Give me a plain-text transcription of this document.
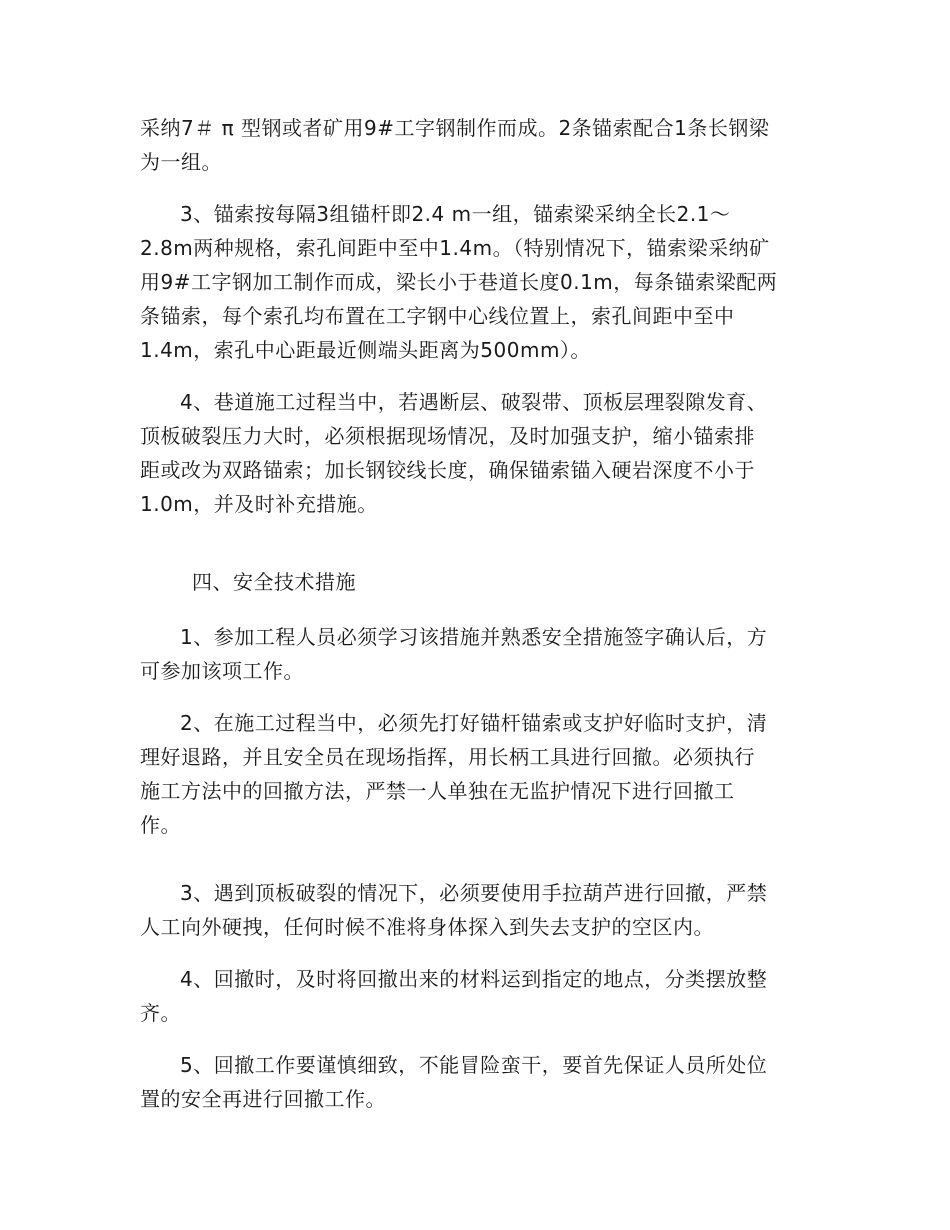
采纳7＃ π 型钢或者矿用9#工字钢制作而成。2条锚索配合1条长钢梁
为一组。
3、锚索按每隔3组锚杆即2.4 m一组，锚索梁采纳全长2.1～
2.8m两种规格，索孔间距中至中1.4m。（特别情况下，锚索梁采纳矿
用9#工字钢加工制作而成，梁长小于巷道长度0.1m，每条锚索梁配两
条锚索，每个索孔均布置在工字钢中心线位置上，索孔间距中至中
1.4m，索孔中心距最近侧端头距离为500mm）。
4、巷道施工过程当中，若遇断层、破裂带、顶板层理裂隙发育、
顶板破裂压力大时，必须根据现场情况，及时加强支护，缩小锚索排
距或改为双路锚索；加长钢铰线长度，确保锚索锚入硬岩深度不小于
1.0m，并及时补充措施。
四、安全技术措施
1、参加工程人员必须学习该措施并熟悉安全措施签字确认后，方
可参加该项工作。
2、在施工过程当中，必须先打好锚杆锚索或支护好临时支护，清
理好退路，并且安全员在现场指挥，用长柄工具进行回撤。必须执行
施工方法中的回撤方法，严禁一人单独在无监护情况下进行回撤工
作。
3、遇到顶板破裂的情况下，必须要使用手拉葫芦进行回撤，严禁
人工向外硬拽，任何时候不准将身体探入到失去支护的空区内。
4、回撤时，及时将回撤出来的材料运到指定的地点，分类摆放整
齐。
5、回撤工作要谨慎细致，不能冒险蛮干，要首先保证人员所处位
置的安全再进行回撤工作。
